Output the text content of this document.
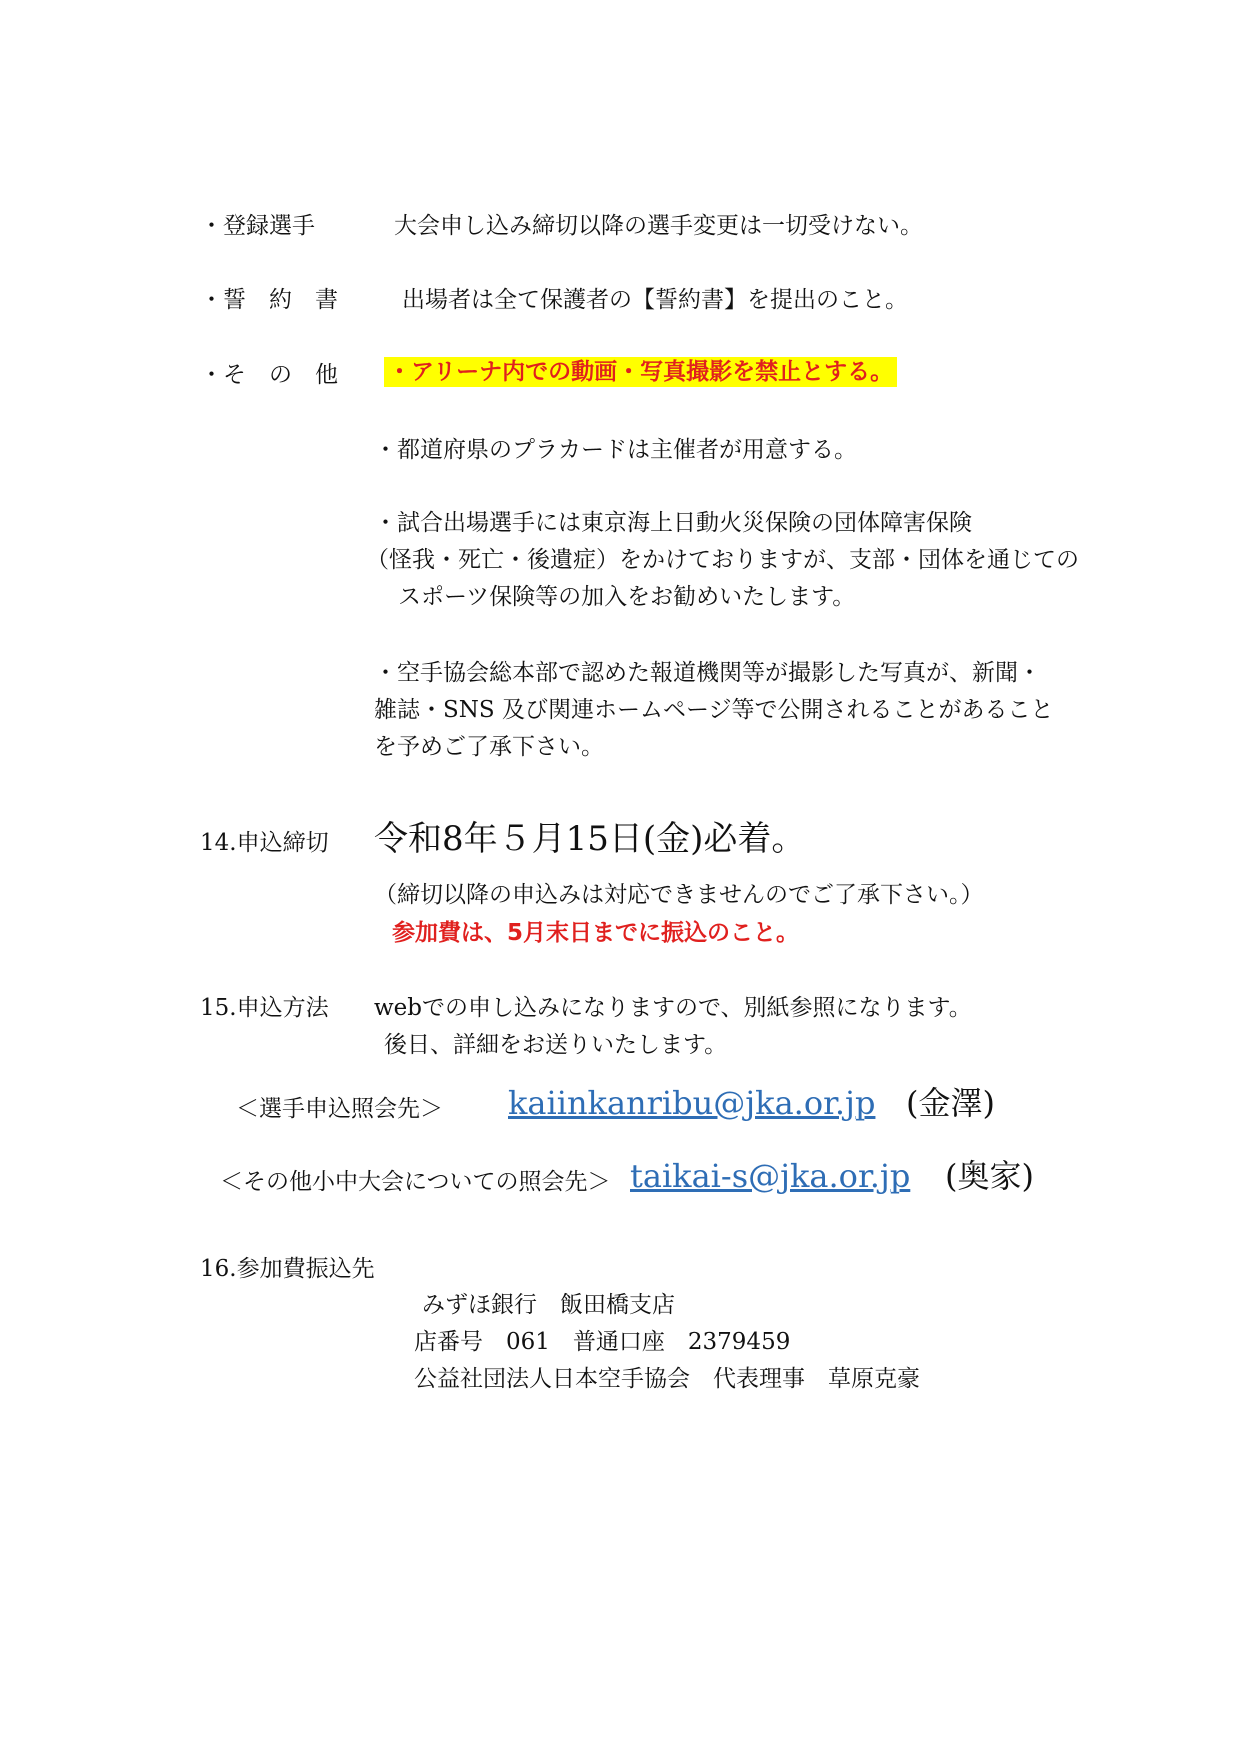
・登録選手	大会申し込み締切以降の選手変更は一切受けない。
・誓　約　書	出場者は全て保護者の【誓約書】を提出のこと。
・そ　の　他 ・アリーナ内での動画・写真撮影を禁止とする。
・都道府県のプラカードは主催者が用意する。
・試合出場選手には東京海上日動火災保険の団体障害保険
（怪我・死亡・後遺症）をかけておりますが、支部・団体を通じての
スポーツ保険等の加入をお勧めいたします。
・空手協会総本部で認めた報道機関等が撮影した写真が、新聞・
雑誌・SNS 及び関連ホームページ等で公開されることがあること
を予めご了承下さい。
14.申込締切 令和8年５月15日(金)必着。
（締切以降の申込みは対応できませんのでご了承下さい。）
参加費は、5月末日までに振込のこと。
15.申込方法 webでの申し込みになりますので、別紙参照になります。
後日、詳細をお送りいたします。
＜選手申込照会先＞ kaiinkanribu@jka.or.jp (金澤)
＜その他小中大会についての照会先＞ taikai-s@jka.or.jp (奥家)
16.参加費振込先
みずほ銀行　飯田橋支店
店番号　061　普通口座　2379459
公益社団法人日本空手協会　代表理事　草原克豪
